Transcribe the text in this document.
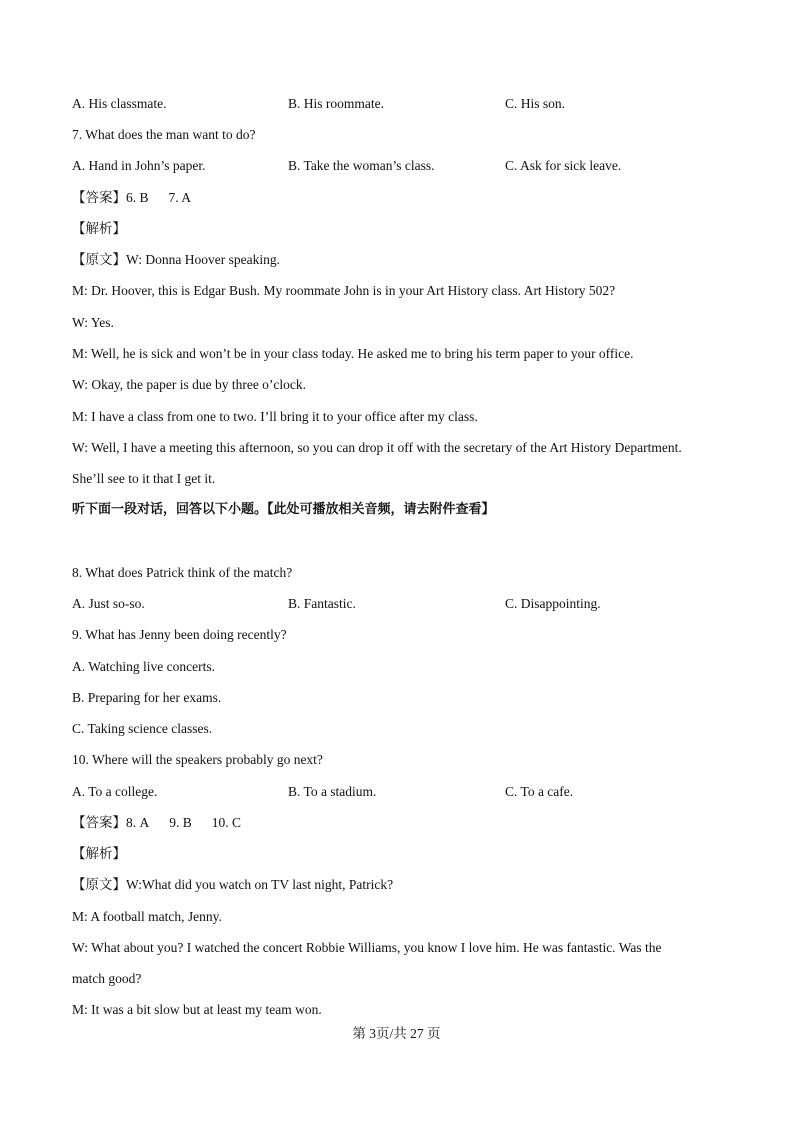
A. His classmate.	B. His roommate.	C. His son.
7. What does the man want to do?
A. Hand in John’s paper.	B. Take the woman’s class.	C. Ask for sick leave.
【答案】6. B 7. A
【解析】
【原文】W: Donna Hoover speaking.
M: Dr. Hoover, this is Edgar Bush. My roommate John is in your Art History class. Art History 502?
W: Yes.
M: Well, he is sick and won’t be in your class today. He asked me to bring his term paper to your office.
W: Okay, the paper is due by three o’clock.
M: I have a class from one to two. I’ll bring it to your office after my class.
W: Well, I have a meeting this afternoon, so you can drop it off with the secretary of the Art History Department.
She’ll see to it that I get it.
听下面一段对话，回答以下小题。【此处可播放相关音频，请去附件查看】
8. What does Patrick think of the match?
A. Just so-so.	B. Fantastic.	C. Disappointing.
9. What has Jenny been doing recently?
A. Watching live concerts.
B. Preparing for her exams.
C. Taking science classes.
10. Where will the speakers probably go next?
A. To a college.	B. To a stadium.	C. To a cafe.
【答案】8. A 9. B 10. C
【解析】
【原文】W:What did you watch on TV last night, Patrick?
M: A football match, Jenny.
W: What about you? I watched the concert Robbie Williams, you know I love him. He was fantastic. Was the
match good?
M: It was a bit slow but at least my team won.
第 3页/共 27 页
